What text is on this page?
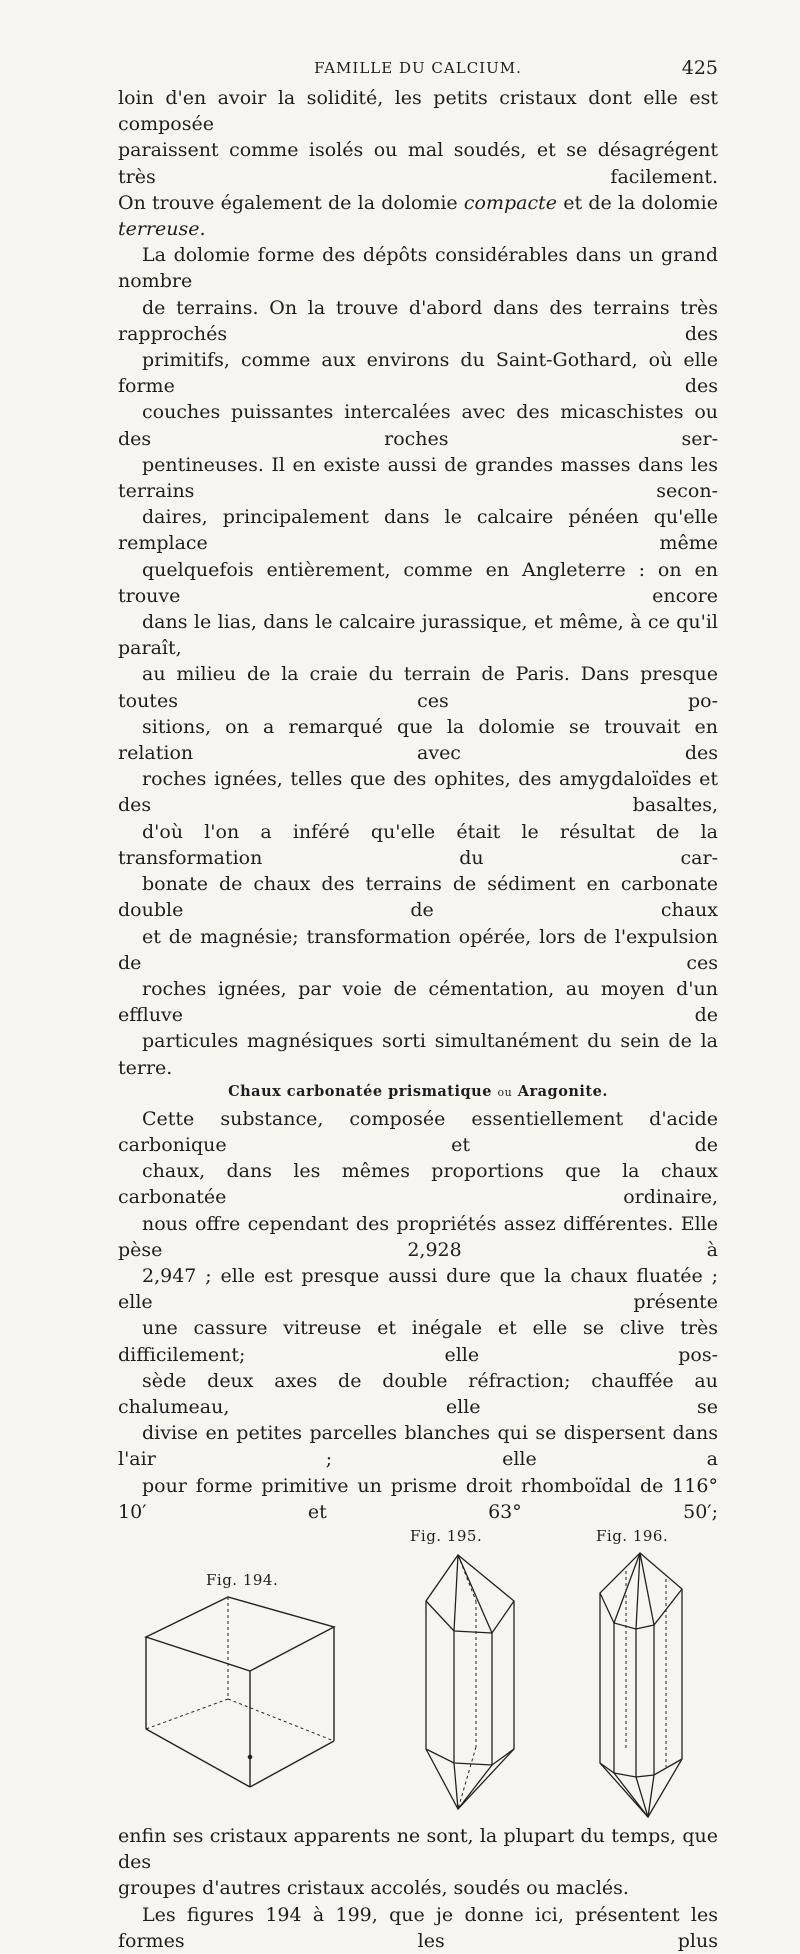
FAMILLE DU CALCIUM.	425

loin d'en avoir la solidité, les petits cristaux dont elle est composée
paraissent comme isolés ou mal soudés, et se désagrégent très facilement.
On trouve également de la dolomie compacte et de la dolomie terreuse.

La dolomie forme des dépôts considérables dans un grand nombre
de terrains. On la trouve d'abord dans des terrains très rapprochés des
primitifs, comme aux environs du Saint-Gothard, où elle forme des
couches puissantes intercalées avec des micaschistes ou des roches ser-
pentineuses. Il en existe aussi de grandes masses dans les terrains secon-
daires, principalement dans le calcaire pénéen qu'elle remplace même
quelquefois entièrement, comme en Angleterre : on en trouve encore
dans le lias, dans le calcaire jurassique, et même, à ce qu'il paraît,
au milieu de la craie du terrain de Paris. Dans presque toutes ces po-
sitions, on a remarqué que la dolomie se trouvait en relation avec des
roches ignées, telles que des ophites, des amygdaloïdes et des basaltes,
d'où l'on a inféré qu'elle était le résultat de la transformation du car-
bonate de chaux des terrains de sédiment en carbonate double de chaux
et de magnésie; transformation opérée, lors de l'expulsion de ces
roches ignées, par voie de cémentation, au moyen d'un effluve de
particules magnésiques sorti simultanément du sein de la terre.

Chaux carbonatée prismatique ou Aragonite.

Cette substance, composée essentiellement d'acide carbonique et de
chaux, dans les mêmes proportions que la chaux carbonatée ordinaire,
nous offre cependant des propriétés assez différentes. Elle pèse 2,928 à
2,947 ; elle est presque aussi dure que la chaux fluatée ; elle présente
une cassure vitreuse et inégale et elle se clive très difficilement; elle pos-
sède deux axes de double réfraction; chauffée au chalumeau, elle se
divise en petites parcelles blanches qui se dispersent dans l'air ; elle a
pour forme primitive un prisme droit rhomboïdal de 116° 10′ et 63° 50′;

Fig. 195.	Fig. 196.
Fig. 194.

enfin ses cristaux apparents ne sont, la plupart du temps, que des
groupes d'autres cristaux accolés, soudés ou maclés.

Les figures 194 à 199, que je donne ici, présentent les formes les plus
